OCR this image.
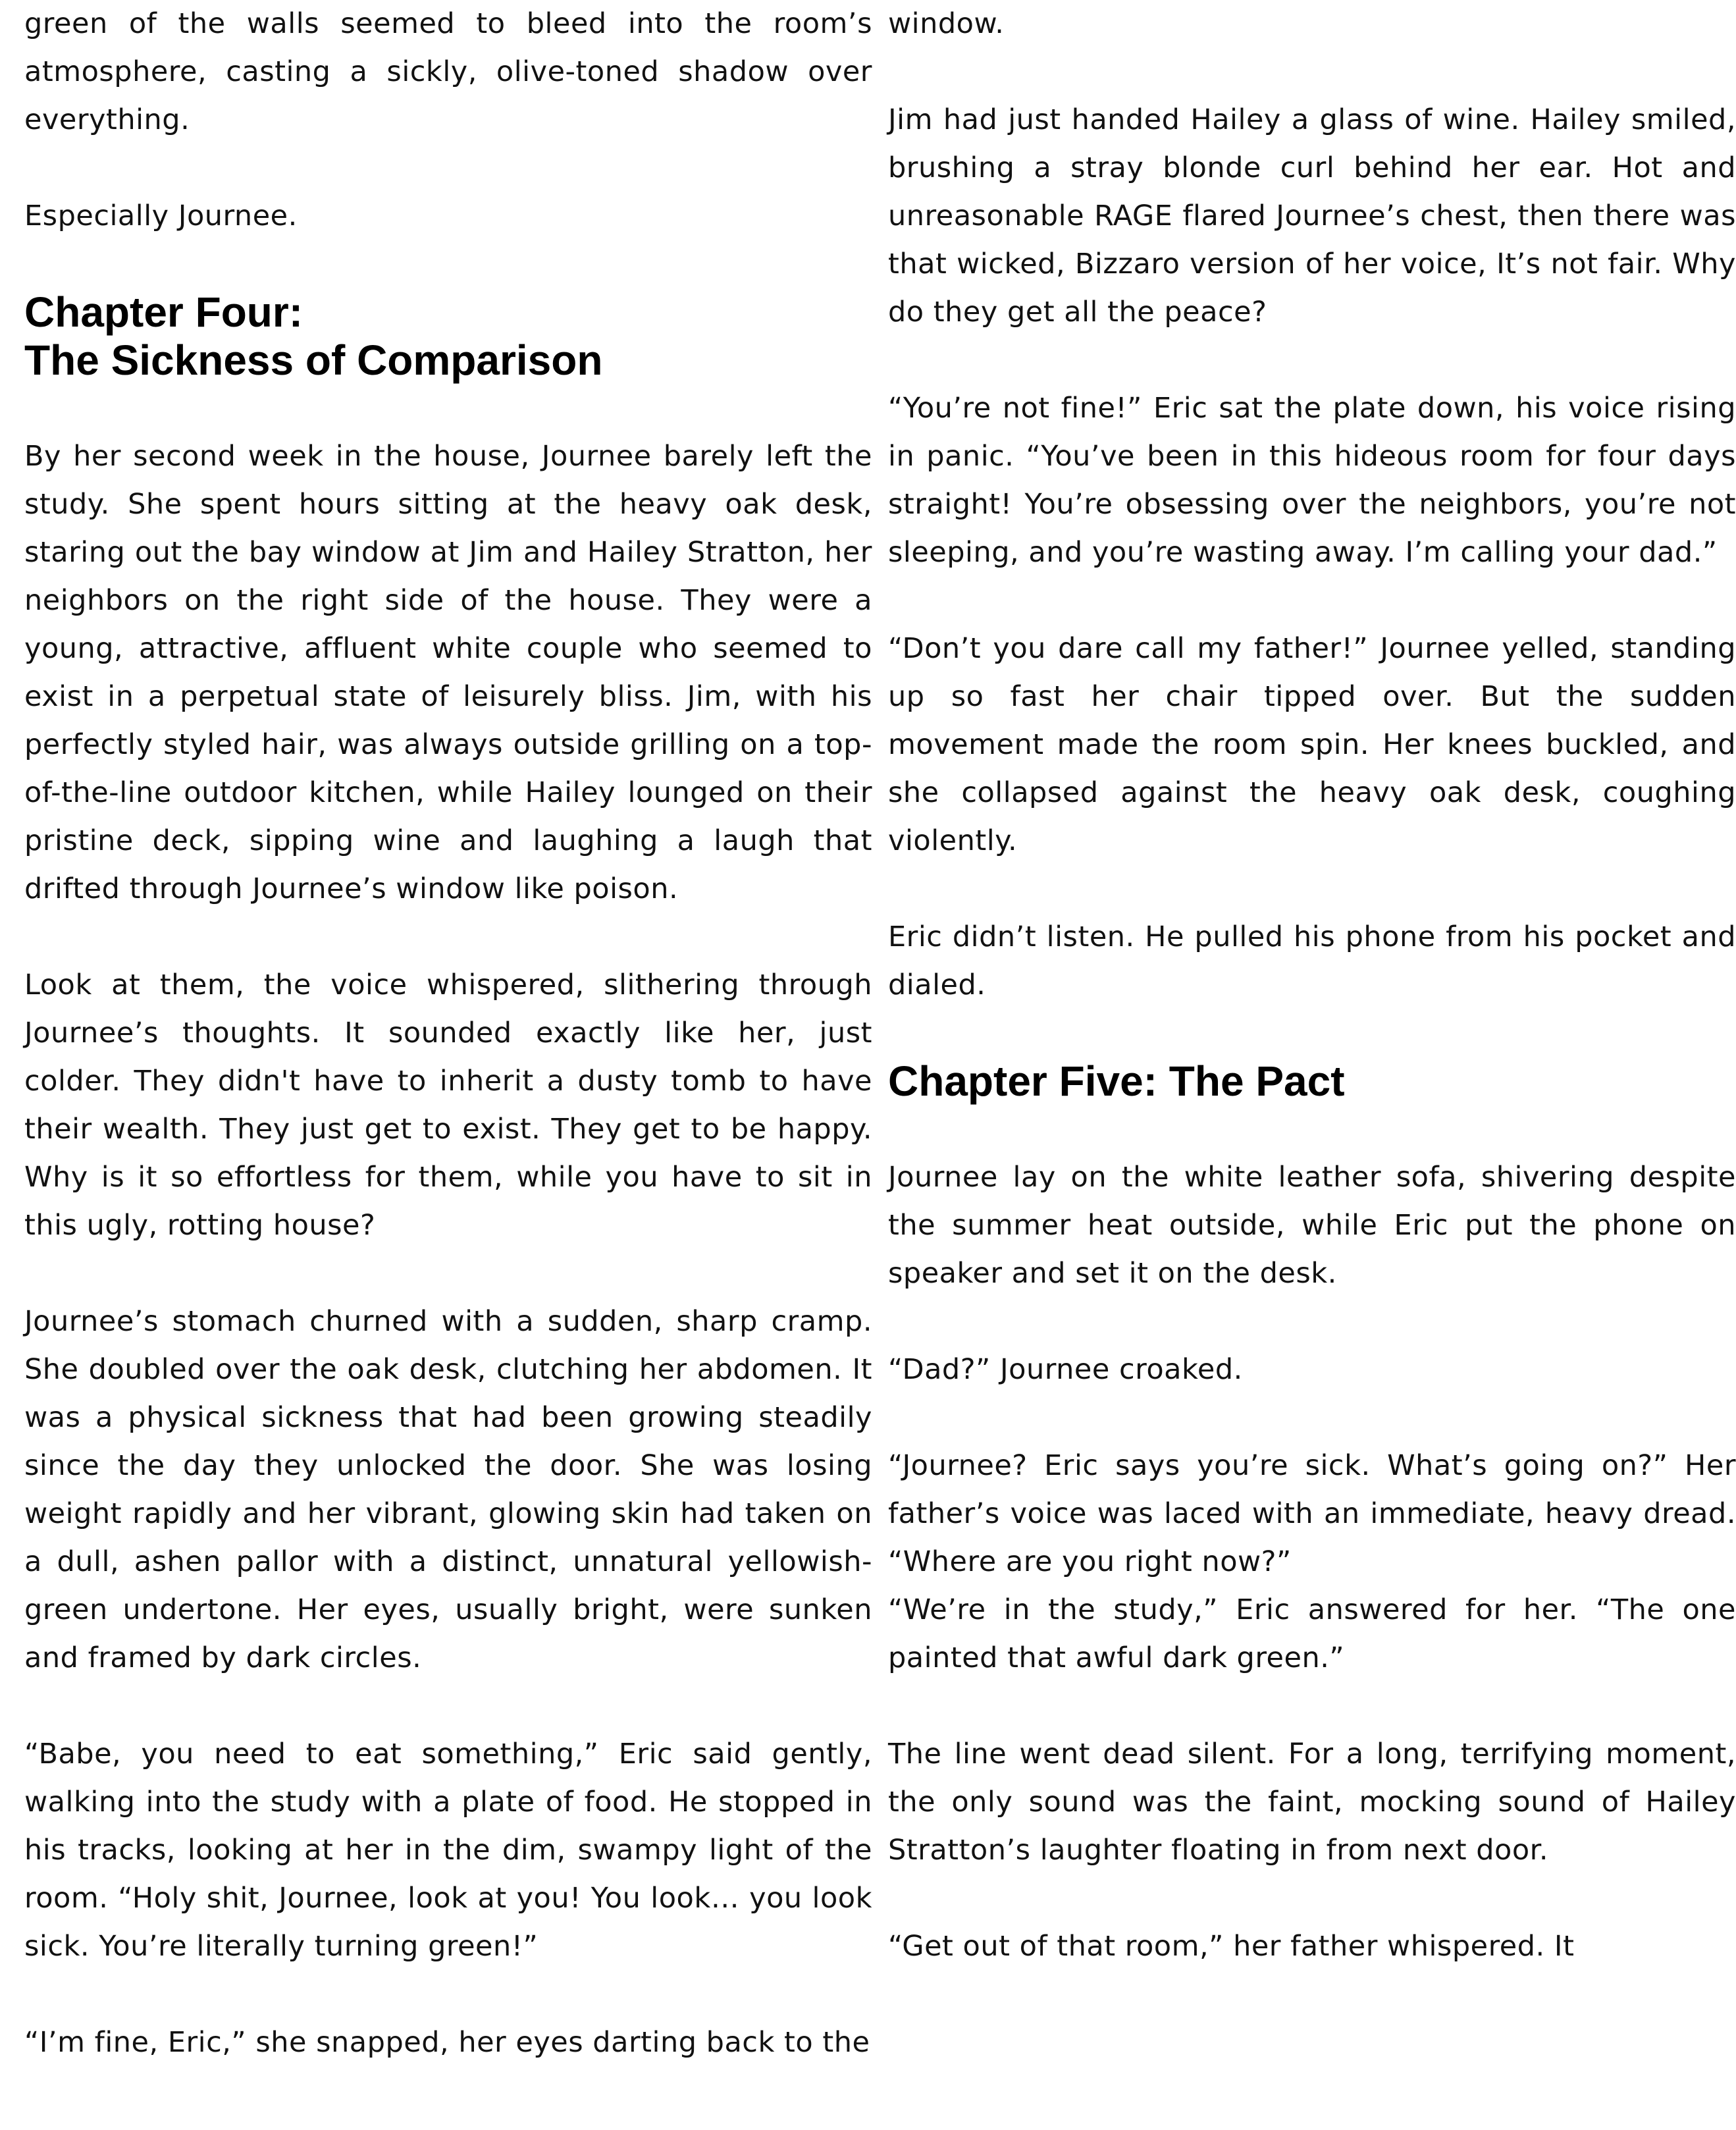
green of the walls seemed to bleed into the room’s atmosphere, casting a sickly, olive-toned shadow over everything.

Especially Journee.

Chapter Four:
The Sickness of Comparison

By her second week in the house, Journee barely left the study. She spent hours sitting at the heavy oak desk, staring out the bay window at Jim and Hailey Stratton, her neighbors on the right side of the house. They were a young, attractive, affluent white couple who seemed to exist in a perpetual state of leisurely bliss. Jim, with his perfectly styled hair, was always outside grilling on a top-of-the-line outdoor kitchen, while Hailey lounged on their pristine deck, sipping wine and laughing a laugh that drifted through Journee’s window like poison.

Look at them, the voice whispered, slithering through Journee’s thoughts. It sounded exactly like her, just colder. They didn't have to inherit a dusty tomb to have their wealth. They just get to exist. They get to be happy. Why is it so effortless for them, while you have to sit in this ugly, rotting house?

Journee’s stomach churned with a sudden, sharp cramp. She doubled over the oak desk, clutching her abdomen. It was a physical sickness that had been growing steadily since the day they unlocked the door. She was losing weight rapidly and her vibrant, glowing skin had taken on a dull, ashen pallor with a distinct, unnatural yellowish-green undertone. Her eyes, usually bright, were sunken and framed by dark circles.

“Babe, you need to eat something,” Eric said gently, walking into the study with a plate of food. He stopped in his tracks, looking at her in the dim, swampy light of the room. “Holy shit, Journee, look at you! You look… you look sick. You’re literally turning green!”

“I’m fine, Eric,” she snapped, her eyes darting back to the

window.

Jim had just handed Hailey a glass of wine. Hailey smiled, brushing a stray blonde curl behind her ear. Hot and unreasonable RAGE flared Journee’s chest, then there was that wicked, Bizzaro version of her voice, It’s not fair. Why do they get all the peace?

“You’re not fine!” Eric sat the plate down, his voice rising in panic. “You’ve been in this hideous room for four days straight! You’re obsessing over the neighbors, you’re not sleeping, and you’re wasting away. I’m calling your dad.”

“Don’t you dare call my father!” Journee yelled, standing up so fast her chair tipped over. But the sudden movement made the room spin. Her knees buckled, and she collapsed against the heavy oak desk, coughing violently.

Eric didn’t listen. He pulled his phone from his pocket and dialed.

Chapter Five: The Pact

Journee lay on the white leather sofa, shivering despite the summer heat outside, while Eric put the phone on speaker and set it on the desk.

“Dad?” Journee croaked.

“Journee? Eric says you’re sick. What’s going on?” Her father’s voice was laced with an immediate, heavy dread. “Where are you right now?”

“We’re in the study,” Eric answered for her. “The one painted that awful dark green.”

The line went dead silent. For a long, terrifying moment, the only sound was the faint, mocking sound of Hailey Stratton’s laughter floating in from next door.

“Get out of that room,” her father whispered. It
